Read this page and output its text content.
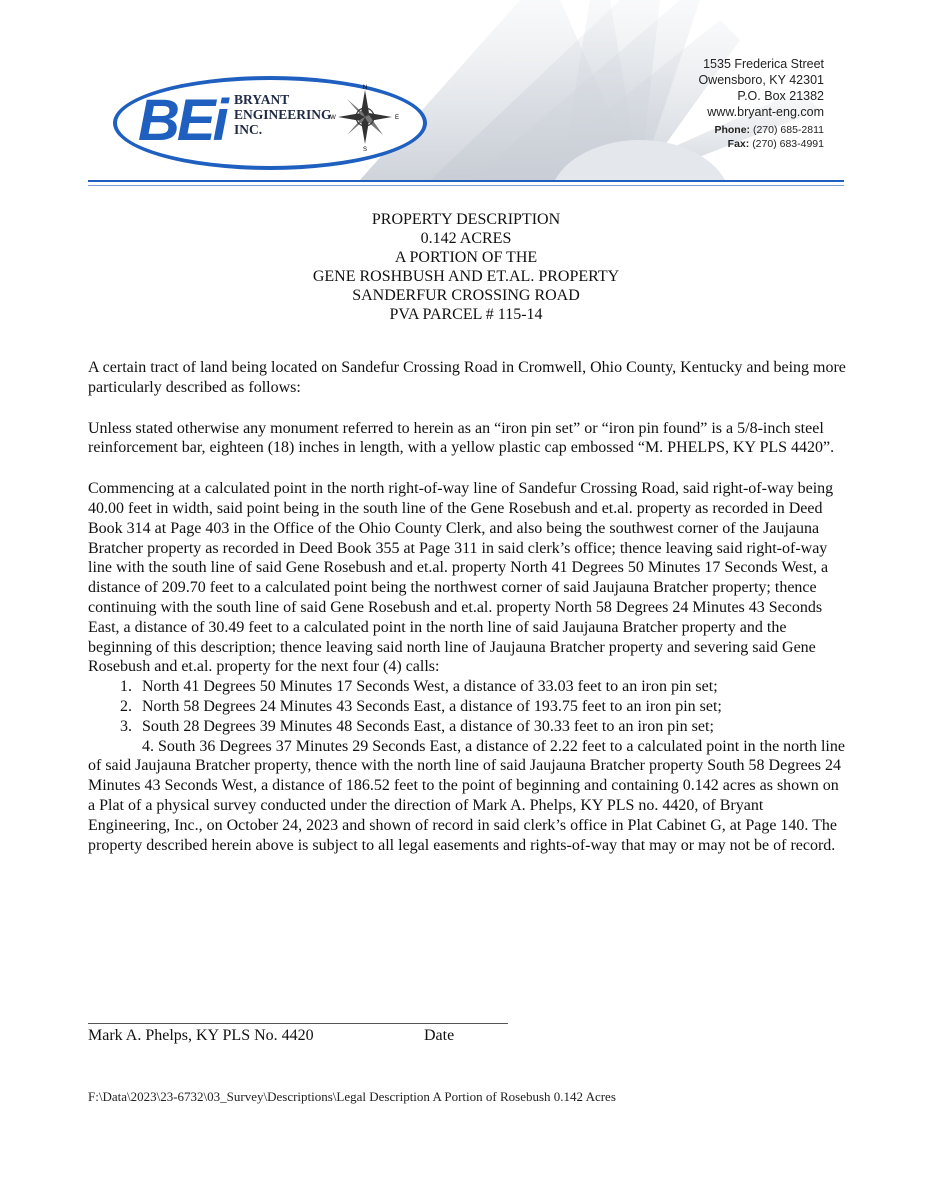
BEi BRYANT
ENGINEERING
INC.
N
S
W	E
1535 Frederica Street
Owensboro, KY 42301
P.O. Box 21382
www.bryant-eng.com
Phone: (270) 685-2811
Fax: (270) 683-4991
PROPERTY DESCRIPTION
0.142 ACRES
A PORTION OF THE
GENE ROSHBUSH AND ET.AL. PROPERTY
SANDERFUR CROSSING ROAD
PVA PARCEL # 115-14

A certain tract of land being located on Sandefur Crossing Road in Cromwell, Ohio County, Kentucky and being more particularly described as follows:

Unless stated otherwise any monument referred to herein as an “iron pin set” or “iron pin found” is a 5/8-inch steel reinforcement bar, eighteen (18) inches in length, with a yellow plastic cap embossed “M. PHELPS, KY PLS 4420”.

Commencing at a calculated point in the north right-of-way line of Sandefur Crossing Road, said right-of-way being 40.00 feet in width, said point being in the south line of the Gene Rosebush and et.al. property as recorded in Deed Book 314 at Page 403 in the Office of the Ohio County Clerk, and also being the southwest corner of the Jaujauna Bratcher property as recorded in Deed Book 355 at Page 311 in said clerk’s office; thence leaving said right-of-way line with the south line of said Gene Rosebush and et.al. property North 41 Degrees 50 Minutes 17 Seconds West, a distance of 209.70 feet to a calculated point being the northwest corner of said Jaujauna Bratcher property; thence continuing with the south line of said Gene Rosebush and et.al. property North 58 Degrees 24 Minutes 43 Seconds East, a distance of 30.49 feet to a calculated point in the north line of said Jaujauna Bratcher property and the beginning of this description; thence leaving said north line of Jaujauna Bratcher property and severing said Gene Rosebush and et.al. property for the next four (4) calls:

1. North 41 Degrees 50 Minutes 17 Seconds West, a distance of 33.03 feet to an iron pin set;
2. North 58 Degrees 24 Minutes 43 Seconds East, a distance of 193.75 feet to an iron pin set;
3. South 28 Degrees 39 Minutes 48 Seconds East, a distance of 30.33 feet to an iron pin set;
4. South 36 Degrees 37 Minutes 29 Seconds East, a distance of 2.22 feet to a calculated point in the north line of said Jaujauna Bratcher property, thence with the north line of said Jaujauna Bratcher property South 58 Degrees 24 Minutes 43 Seconds West, a distance of 186.52 feet to the point of beginning and containing 0.142 acres as shown on a Plat of a physical survey conducted under the direction of Mark A. Phelps, KY PLS no. 4420, of Bryant Engineering, Inc., on October 24, 2023 and shown of record in said clerk’s office in Plat Cabinet G, at Page 140. The property described herein above is subject to all legal easements and rights-of-way that may or may not be of record.
Mark A. Phelps, KY PLS No. 4420	Date
F:\Data\2023\23-6732\03_Survey\Descriptions\Legal Description A Portion of Rosebush 0.142 Acres
